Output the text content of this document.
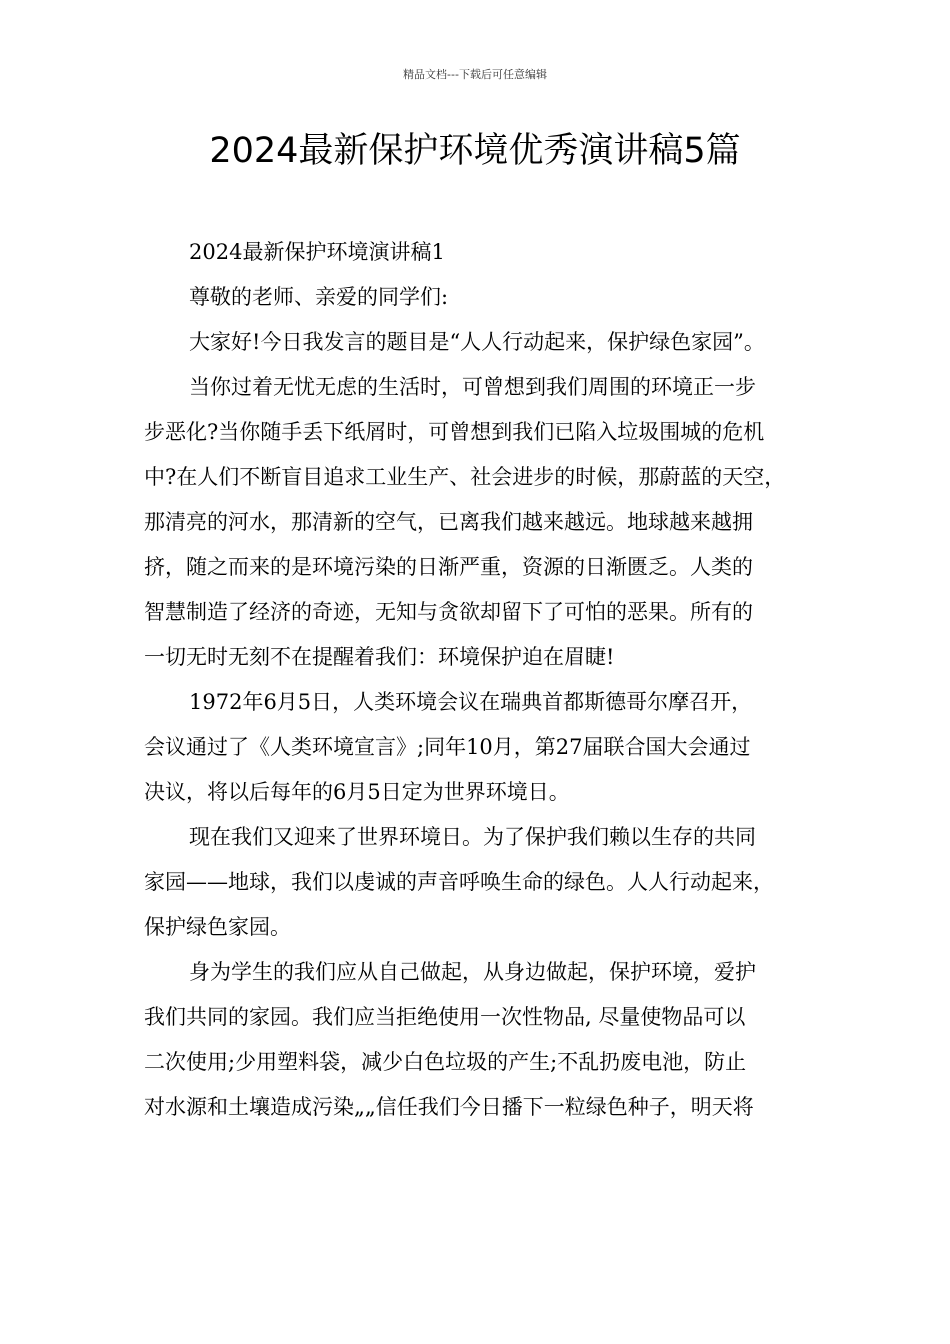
精品文档---下载后可任意编辑
2024最新保护环境优秀演讲稿5篇
2024最新保护环境演讲稿1
尊敬的老师、亲爱的同学们:
大家好!今日我发言的题目是“人人行动起来，保护绿色家园”。
当你过着无忧无虑的生活时，可曾想到我们周围的环境正一步
步恶化?当你随手丢下纸屑时，可曾想到我们已陷入垃圾围城的危机
中?在人们不断盲目追求工业生产、社会进步的时候，那蔚蓝的天空，
那清亮的河水，那清新的空气，已离我们越来越远。地球越来越拥
挤，随之而来的是环境污染的日渐严重，资源的日渐匮乏。人类的
智慧制造了经济的奇迹，无知与贪欲却留下了可怕的恶果。所有的
一切无时无刻不在提醒着我们：环境保护迫在眉睫!
1972年6月5日，人类环境会议在瑞典首都斯德哥尔摩召开，
会议通过了《人类环境宣言》;同年10月，第27届联合国大会通过
决议，将以后每年的6月5日定为世界环境日。
现在我们又迎来了世界环境日。为了保护我们赖以生存的共同
家园——地球，我们以虔诚的声音呼唤生命的绿色。人人行动起来，
保护绿色家园。
身为学生的我们应从自己做起，从身边做起，保护环境，爱护
我们共同的家园。我们应当拒绝使用一次性物品, 尽量使物品可以
二次使用;少用塑料袋，减少白色垃圾的产生;不乱扔废电池，防止
对水源和土壤造成污染„„信任我们今日播下一粒绿色种子，明天将
